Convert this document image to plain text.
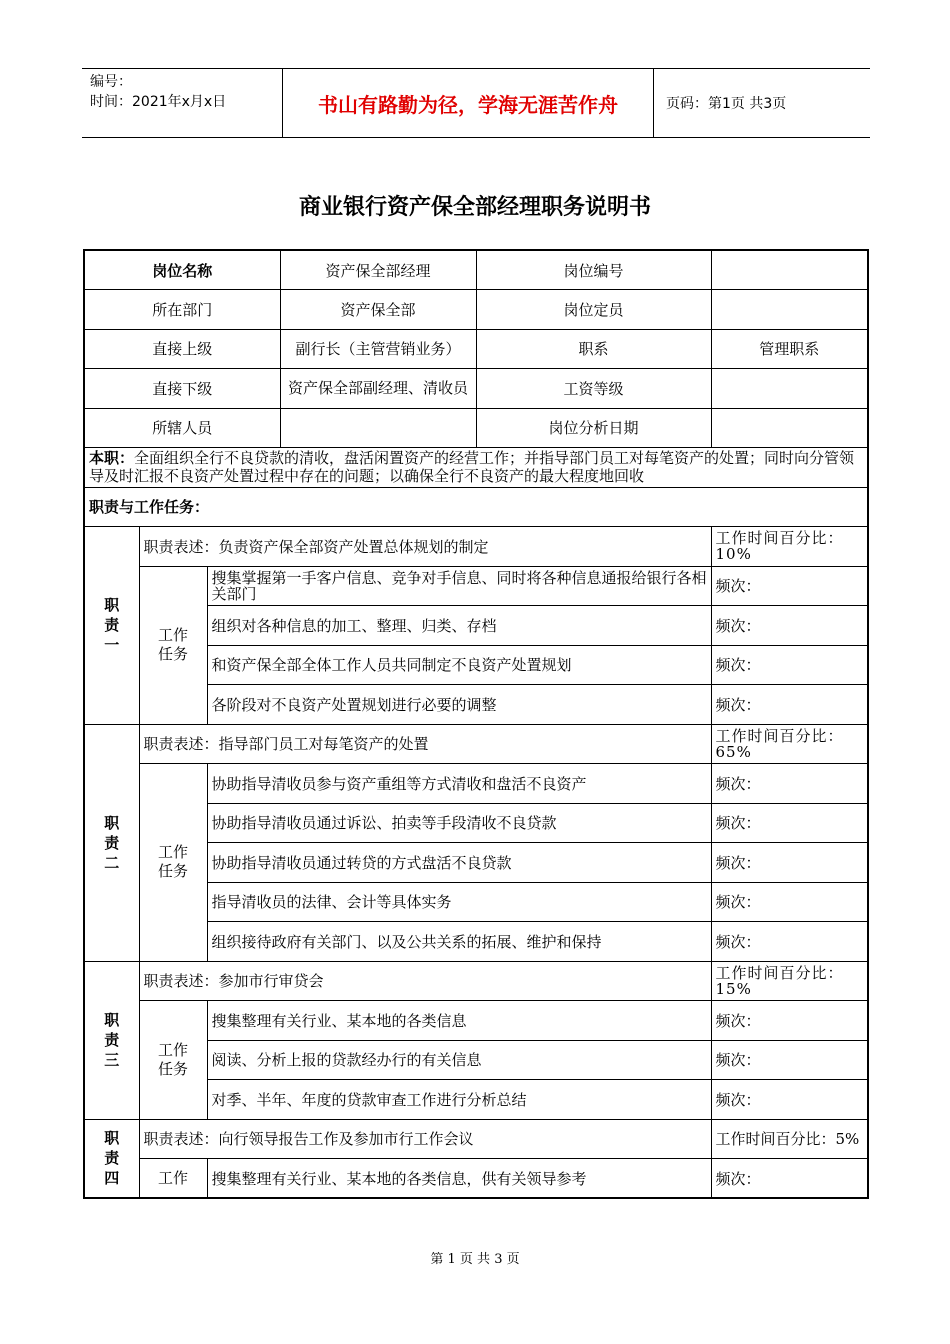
编号：
时间：2021年x月x日	书山有路勤为径，学海无涯苦作舟	页码：第1页 共3页
商业银行资产保全部经理职务说明书
岗位名称			资产保全部经理	岗位编号	
所在部门			资产保全部	岗位定员	
直接上级			副行长（主管营销业务）	职系	管理职系
直接下级			资产保全部副经理、清收员	工资等级	
所辖人员				岗位分析日期	
本职：全面组织全行不良贷款的清收，盘活闲置资产的经营工作；并指导部门员工对每笔资产的处置；同时向分管领导及时汇报不良资产处置过程中存在的问题；以确保全行不良资产的最大程度地回收					
职责与工作任务：					
职
责
一	职责表述：负责资产保全部资产处置总体规划的制定				工作时间百分比：10%
	工作
任务	搜集掌握第一手客户信息、竞争对手信息、同时将各种信息通报给银行各相关部门			频次：
		组织对各种信息的加工、整理、归类、存档			频次：
		和资产保全部全体工作人员共同制定不良资产处置规划			频次：
		各阶段对不良资产处置规划进行必要的调整			频次：
职
责
二	职责表述：指导部门员工对每笔资产的处置				工作时间百分比：65%
	工作
任务	协助指导清收员参与资产重组等方式清收和盘活不良资产			频次：
		协助指导清收员通过诉讼、拍卖等手段清收不良贷款			频次：
		协助指导清收员通过转贷的方式盘活不良贷款			频次：
		指导清收员的法律、会计等具体实务			频次：
		组织接待政府有关部门、以及公共关系的拓展、维护和保持			频次：
职
责
三	职责表述：参加市行审贷会				工作时间百分比：15%
	工作
任务	搜集整理有关行业、某本地的各类信息			频次：
		阅读、分析上报的贷款经办行的有关信息			频次：
		对季、半年、年度的贷款审查工作进行分析总结			频次：
职
责
四	职责表述：向行领导报告工作及参加市行工作会议				工作时间百分比：5%
	工作	搜集整理有关行业、某本地的各类信息，供有关领导参考			频次：
第 1 页 共 3 页
